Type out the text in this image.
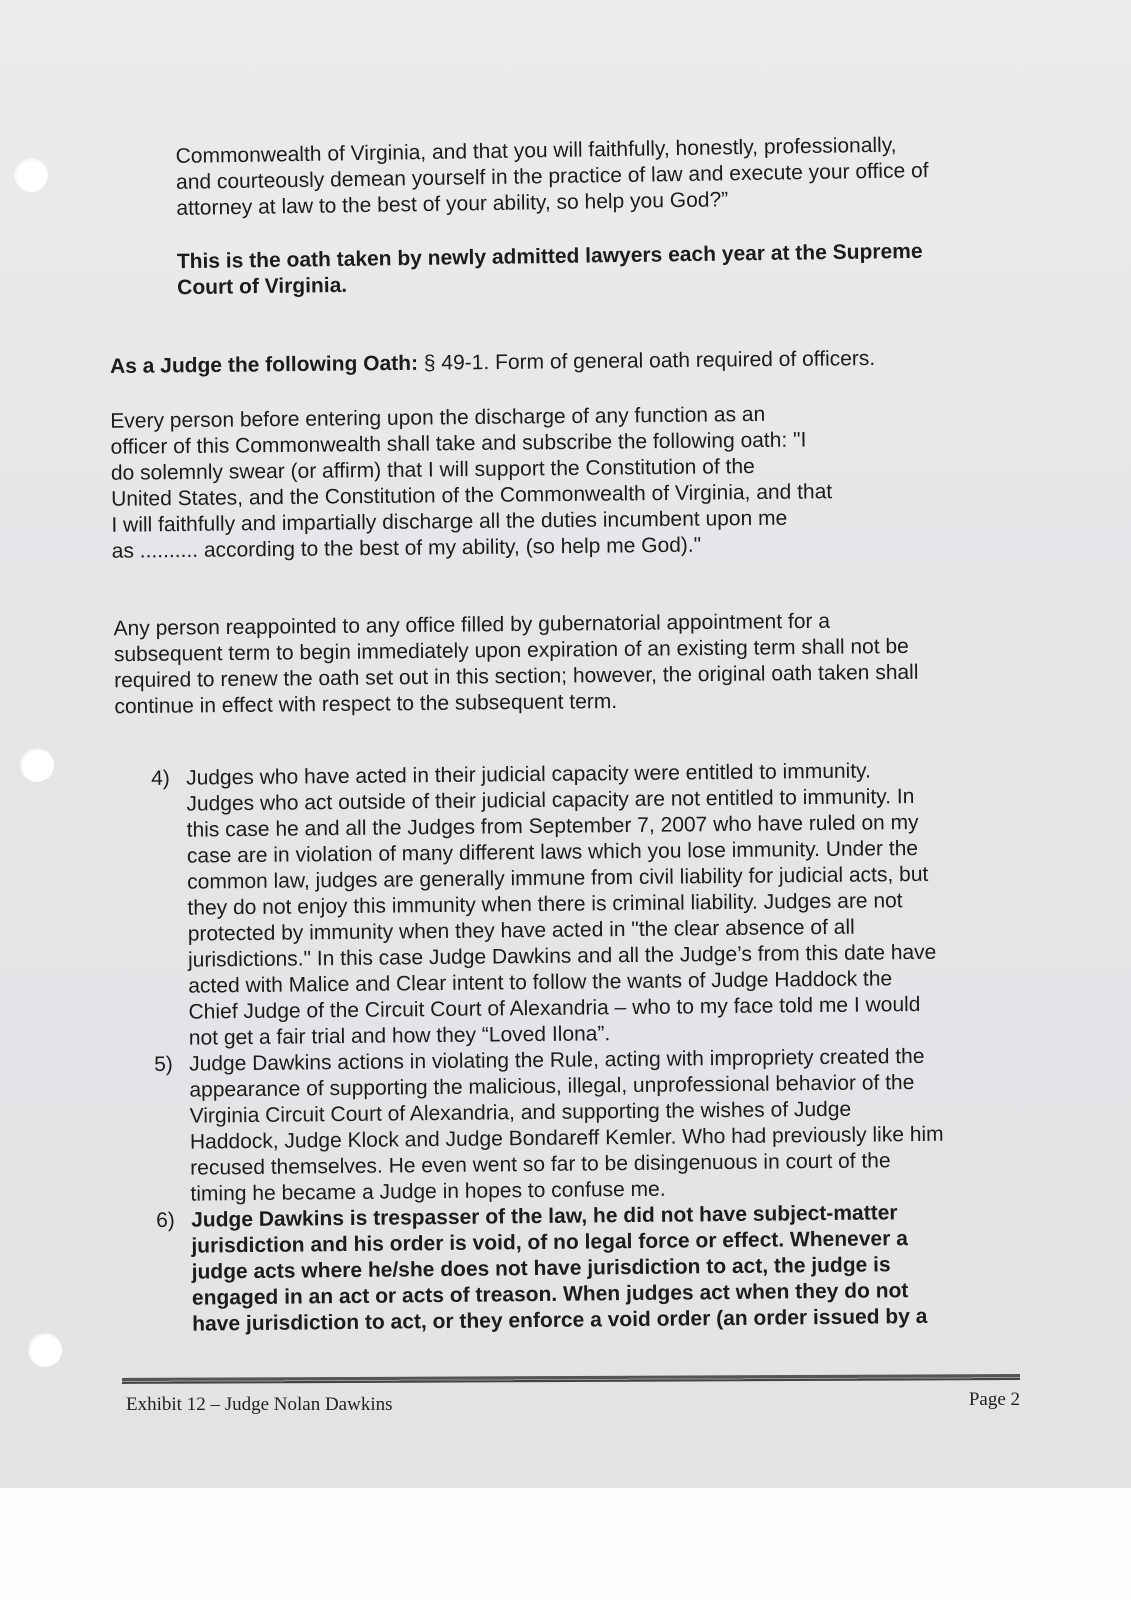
Commonwealth of Virginia, and that you will faithfully, honestly, professionally,
and courteously demean yourself in the practice of law and execute your office of
attorney at law to the best of your ability, so help you God?”
This is the oath taken by newly admitted lawyers each year at the Supreme
Court of Virginia.
As a Judge the following Oath: § 49-1. Form of general oath required of officers.
Every person before entering upon the discharge of any function as an
officer of this Commonwealth shall take and subscribe the following oath: "I
do solemnly swear (or affirm) that I will support the Constitution of the
United States, and the Constitution of the Commonwealth of Virginia, and that
I will faithfully and impartially discharge all the duties incumbent upon me
as .......... according to the best of my ability, (so help me God)."
Any person reappointed to any office filled by gubernatorial appointment for a
subsequent term to begin immediately upon expiration of an existing term shall not be
required to renew the oath set out in this section; however, the original oath taken shall
continue in effect with respect to the subsequent term.
4) Judges who have acted in their judicial capacity were entitled to immunity.
Judges who act outside of their judicial capacity are not entitled to immunity. In
this case he and all the Judges from September 7, 2007 who have ruled on my
case are in violation of many different laws which you lose immunity. Under the
common law, judges are generally immune from civil liability for judicial acts, but
they do not enjoy this immunity when there is criminal liability. Judges are not
protected by immunity when they have acted in "the clear absence of all
jurisdictions." In this case Judge Dawkins and all the Judge’s from this date have
acted with Malice and Clear intent to follow the wants of Judge Haddock the
Chief Judge of the Circuit Court of Alexandria – who to my face told me I would
not get a fair trial and how they “Loved Ilona”.
5) Judge Dawkins actions in violating the Rule, acting with impropriety created the
appearance of supporting the malicious, illegal, unprofessional behavior of the
Virginia Circuit Court of Alexandria, and supporting the wishes of Judge
Haddock, Judge Klock and Judge Bondareff Kemler. Who had previously like him
recused themselves. He even went so far to be disingenuous in court of the
timing he became a Judge in hopes to confuse me.
6) Judge Dawkins is trespasser of the law, he did not have subject-matter
jurisdiction and his order is void, of no legal force or effect. Whenever a
judge acts where he/she does not have jurisdiction to act, the judge is
engaged in an act or acts of treason. When judges act when they do not
have jurisdiction to act, or they enforce a void order (an order issued by a
Exhibit 12 – Judge Nolan Dawkins	Page 2
